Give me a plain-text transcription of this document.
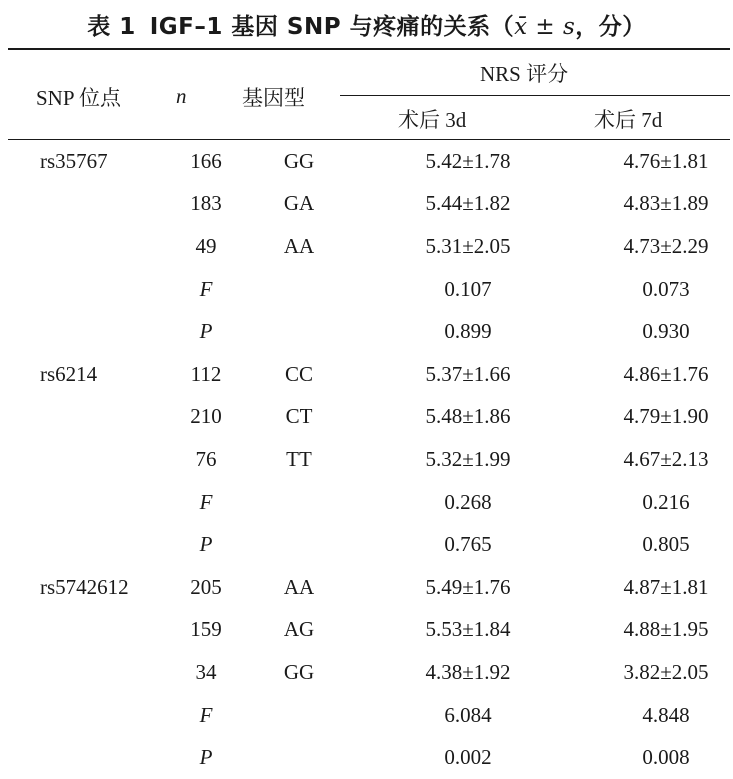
表 1 IGF–1 基因 SNP 与疼痛的关系（x̄ ± s，分）
SNP 位点	n	基因型
NRS 评分
术后 3d	术后 7d
rs35767	166	GG	5.42±1.78	4.76±1.81
	183	GA	5.44±1.82	4.83±1.89
	49	AA	5.31±2.05	4.73±2.29
	F		0.107	0.073
	P		0.899	0.930
rs6214	112	CC	5.37±1.66	4.86±1.76
	210	CT	5.48±1.86	4.79±1.90
	76	TT	5.32±1.99	4.67±2.13
	F		0.268	0.216
	P		0.765	0.805
rs5742612	205	AA	5.49±1.76	4.87±1.81
	159	AG	5.53±1.84	4.88±1.95
	34	GG	4.38±1.92	3.82±2.05
	F		6.084	4.848
	P		0.002	0.008
